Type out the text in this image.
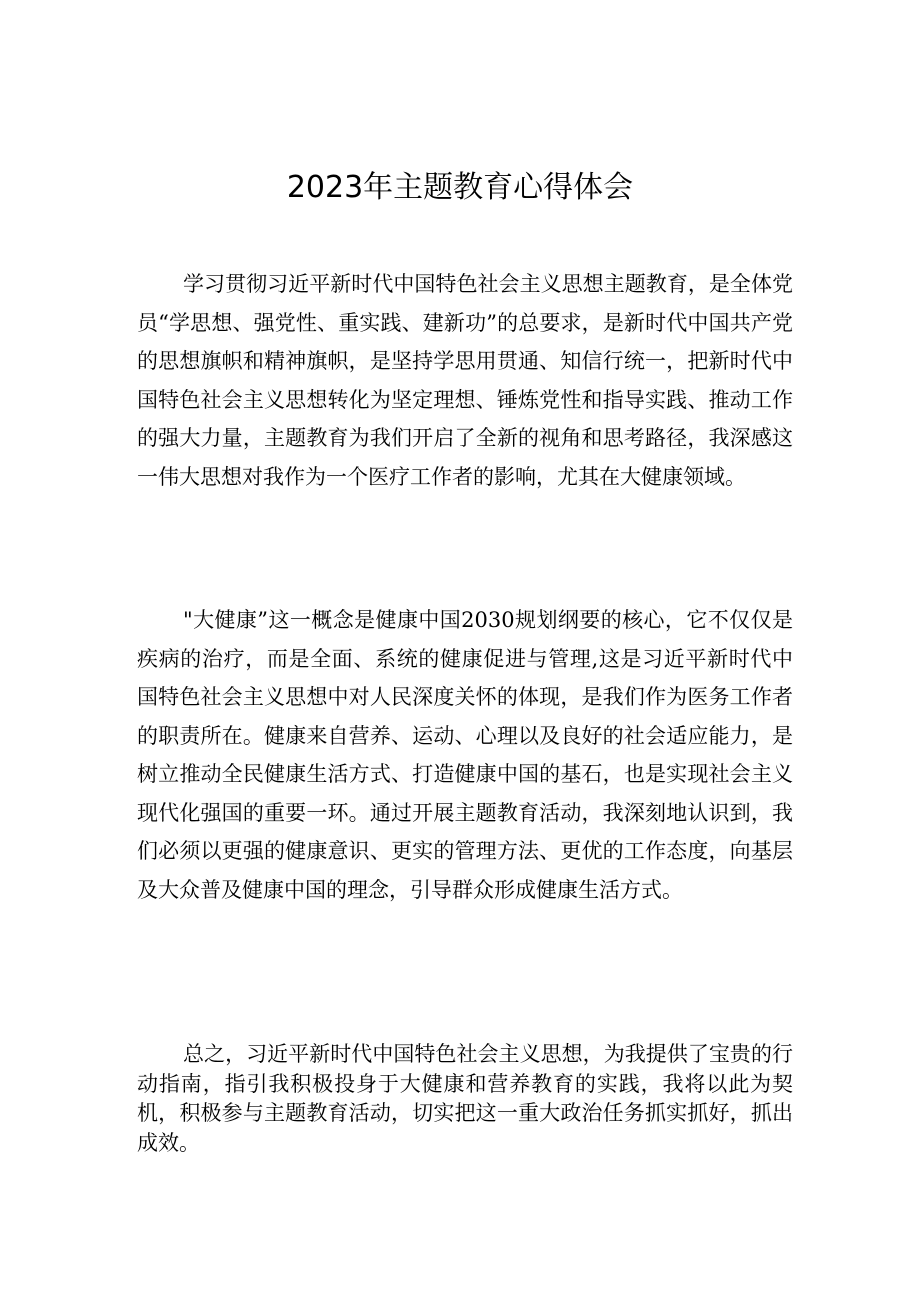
2023年主题教育心得体会

学习贯彻习近平新时代中国特色社会主义思想主题教育，是全体党员“学思想、强党性、重实践、建新功”的总要求，是新时代中国共产党的思想旗帜和精神旗帜，是坚持学思用贯通、知信行统一，把新时代中国特色社会主义思想转化为坚定理想、锤炼党性和指导实践、推动工作的强大力量，主题教育为我们开启了全新的视角和思考路径，我深感这一伟大思想对我作为一个医疗工作者的影响，尤其在大健康领域。

"大健康”这一概念是健康中国2030规划纲要的核心，它不仅仅是疾病的治疗，而是全面、系统的健康促进与管理,这是习近平新时代中国特色社会主义思想中对人民深度关怀的体现，是我们作为医务工作者的职责所在。健康来自营养、运动、心理以及良好的社会适应能力，是树立推动全民健康生活方式、打造健康中国的基石，也是实现社会主义现代化强国的重要一环。通过开展主题教育活动，我深刻地认识到，我们必须以更强的健康意识、更实的管理方法、更优的工作态度，向基层及大众普及健康中国的理念，引导群众形成健康生活方式。

总之，习近平新时代中国特色社会主义思想，为我提供了宝贵的行动指南，指引我积极投身于大健康和营养教育的实践，我将以此为契机，积极参与主题教育活动，切实把这一重大政治任务抓实抓好，抓出成效。
